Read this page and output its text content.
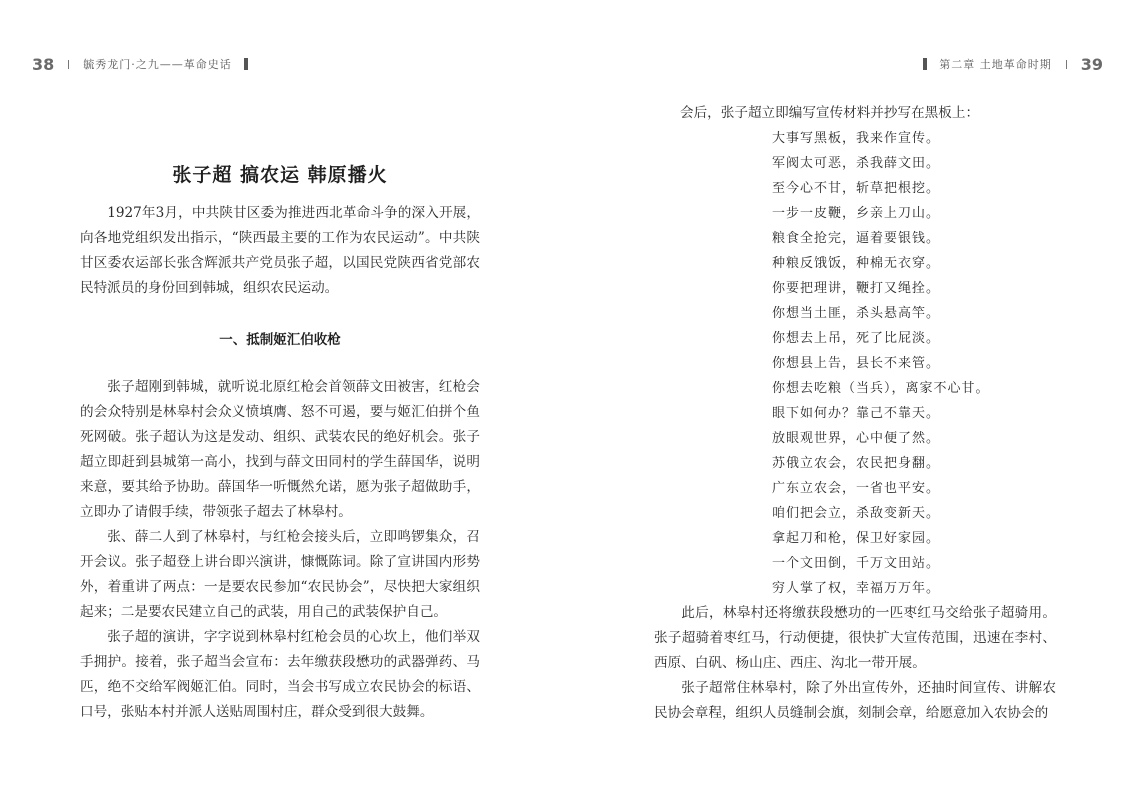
38	毓秀龙门·之九——革命史话
张子超 搞农运 韩原播火

1927年3月，中共陕甘区委为推进西北革命斗争的深入开展，向各地党组织发出指示，“陕西最主要的工作为农民运动”。中共陕甘区委农运部长张含辉派共产党员张子超，以国民党陕西省党部农民特派员的身份回到韩城，组织农民运动。

一、抵制姬汇伯收枪

张子超刚到韩城，就听说北原红枪会首领薛文田被害，红枪会的会众特别是林皋村会众义愤填膺、怒不可遏，要与姬汇伯拼个鱼死网破。张子超认为这是发动、组织、武装农民的绝好机会。张子超立即赶到县城第一高小，找到与薛文田同村的学生薛国华，说明来意，要其给予协助。薛国华一听慨然允诺，愿为张子超做助手，立即办了请假手续，带领张子超去了林皋村。

张、薛二人到了林皋村，与红枪会接头后，立即鸣锣集众，召开会议。张子超登上讲台即兴演讲，慷慨陈词。除了宣讲国内形势外，着重讲了两点：一是要农民参加“农民协会”，尽快把大家组织起来；二是要农民建立自己的武装，用自己的武装保护自己。

张子超的演讲，字字说到林皋村红枪会员的心坎上，他们举双手拥护。接着，张子超当会宣布：去年缴获段懋功的武器弹药、马匹，绝不交给军阀姬汇伯。同时，当会书写成立农民协会的标语、口号，张贴本村并派人送贴周围村庄，群众受到很大鼓舞。

第二章 土地革命时期 39
会后，张子超立即编写宣传材料并抄写在黑板上：
大事写黑板，我来作宣传。
军阀太可恶，杀我薛文田。
至今心不甘，斩草把根挖。
一步一皮鞭，乡亲上刀山。
粮食全抢完，逼着要银钱。
种粮反饿饭，种棉无衣穿。
你要把理讲，鞭打又绳拴。
你想当土匪，杀头悬高竿。
你想去上吊，死了比屁淡。
你想县上告，县长不来管。
你想去吃粮（当兵），离家不心甘。
眼下如何办？靠己不靠天。
放眼观世界，心中便了然。
苏俄立农会，农民把身翻。
广东立农会，一省也平安。
咱们把会立，杀敌变新天。
拿起刀和枪，保卫好家园。
一个文田倒，千万文田站。
穷人掌了权，幸福万万年。

此后，林皋村还将缴获段懋功的一匹枣红马交给张子超骑用。张子超骑着枣红马，行动便捷，很快扩大宣传范围，迅速在李村、西原、白矾、杨山庄、西庄、沟北一带开展。

张子超常住林皋村，除了外出宣传外，还抽时间宣传、讲解农民协会章程，组织人员缝制会旗，刻制会章，给愿意加入农协会的
